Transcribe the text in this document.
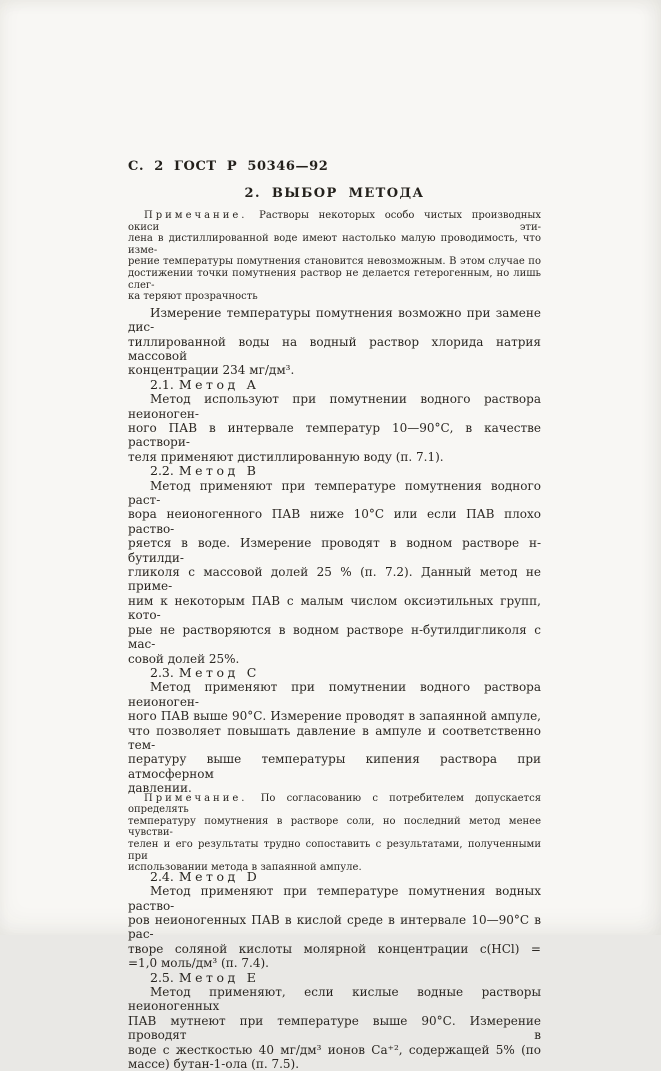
С. 2 ГОСТ Р 50346—92
2. ВЫБОР МЕТОДА
Примечание. Растворы некоторых особо чистых производных окиси эти-
лена в дистиллированной воде имеют настолько малую проводимость, что изме-
рение температуры помутнения становится невозможным. В этом случае по
достижении точки помутнения раствор не делается гетерогенным, но лишь слег-
ка теряют прозрачность
Измерение температуры помутнения возможно при замене дис-
тиллированной воды на водный раствор хлорида натрия массовой
концентрации 234 мг/дм³.
2.1. Метод A
Метод используют при помутнении водного раствора неионоген-
ного ПАВ в интервале температур 10—90°С, в качестве раствори-
теля применяют дистиллированную воду (п. 7.1).
2.2. Метод B
Метод применяют при температуре помутнения водного раст-
вора неионогенного ПАВ ниже 10°С или если ПАВ плохо раство-
ряется в воде. Измерение проводят в водном растворе н-бутилди-
гликоля с массовой долей 25 % (п. 7.2). Данный метод не приме-
ним к некоторым ПАВ с малым числом оксиэтильных групп, кото-
рые не растворяются в водном растворе н-бутилдигликоля с мас-
совой долей 25%.
2.3. Метод C
Метод применяют при помутнении водного раствора неионоген-
ного ПАВ выше 90°С. Измерение проводят в запаянной ампуле,
что позволяет повышать давление в ампуле и соответственно тем-
пературу выше температуры кипения раствора при атмосферном
давлении.
Примечание. По согласованию с потребителем допускается определять
температуру помутнения в растворе соли, но последний метод менее чувстви-
телен и его результаты трудно сопоставить с результатами, полученными при
использовании метода в запаянной ампуле.
2.4. Метод D
Метод применяют при температуре помутнения водных раство-
ров неионогенных ПАВ в кислой среде в интервале 10—90°С в рас-
творе соляной кислоты молярной концентрации с(HCl) =
=1,0 моль/дм³ (п. 7.4).
2.5. Метод E
Метод применяют, если кислые водные растворы неионогенных
ПАВ мутнеют при температуре выше 90°С. Измерение проводят в
воде с жесткостью 40 мг/дм³ ионов Са⁺², содержащей 5% (по
массе) бутан-1-ола (п. 7.5).
